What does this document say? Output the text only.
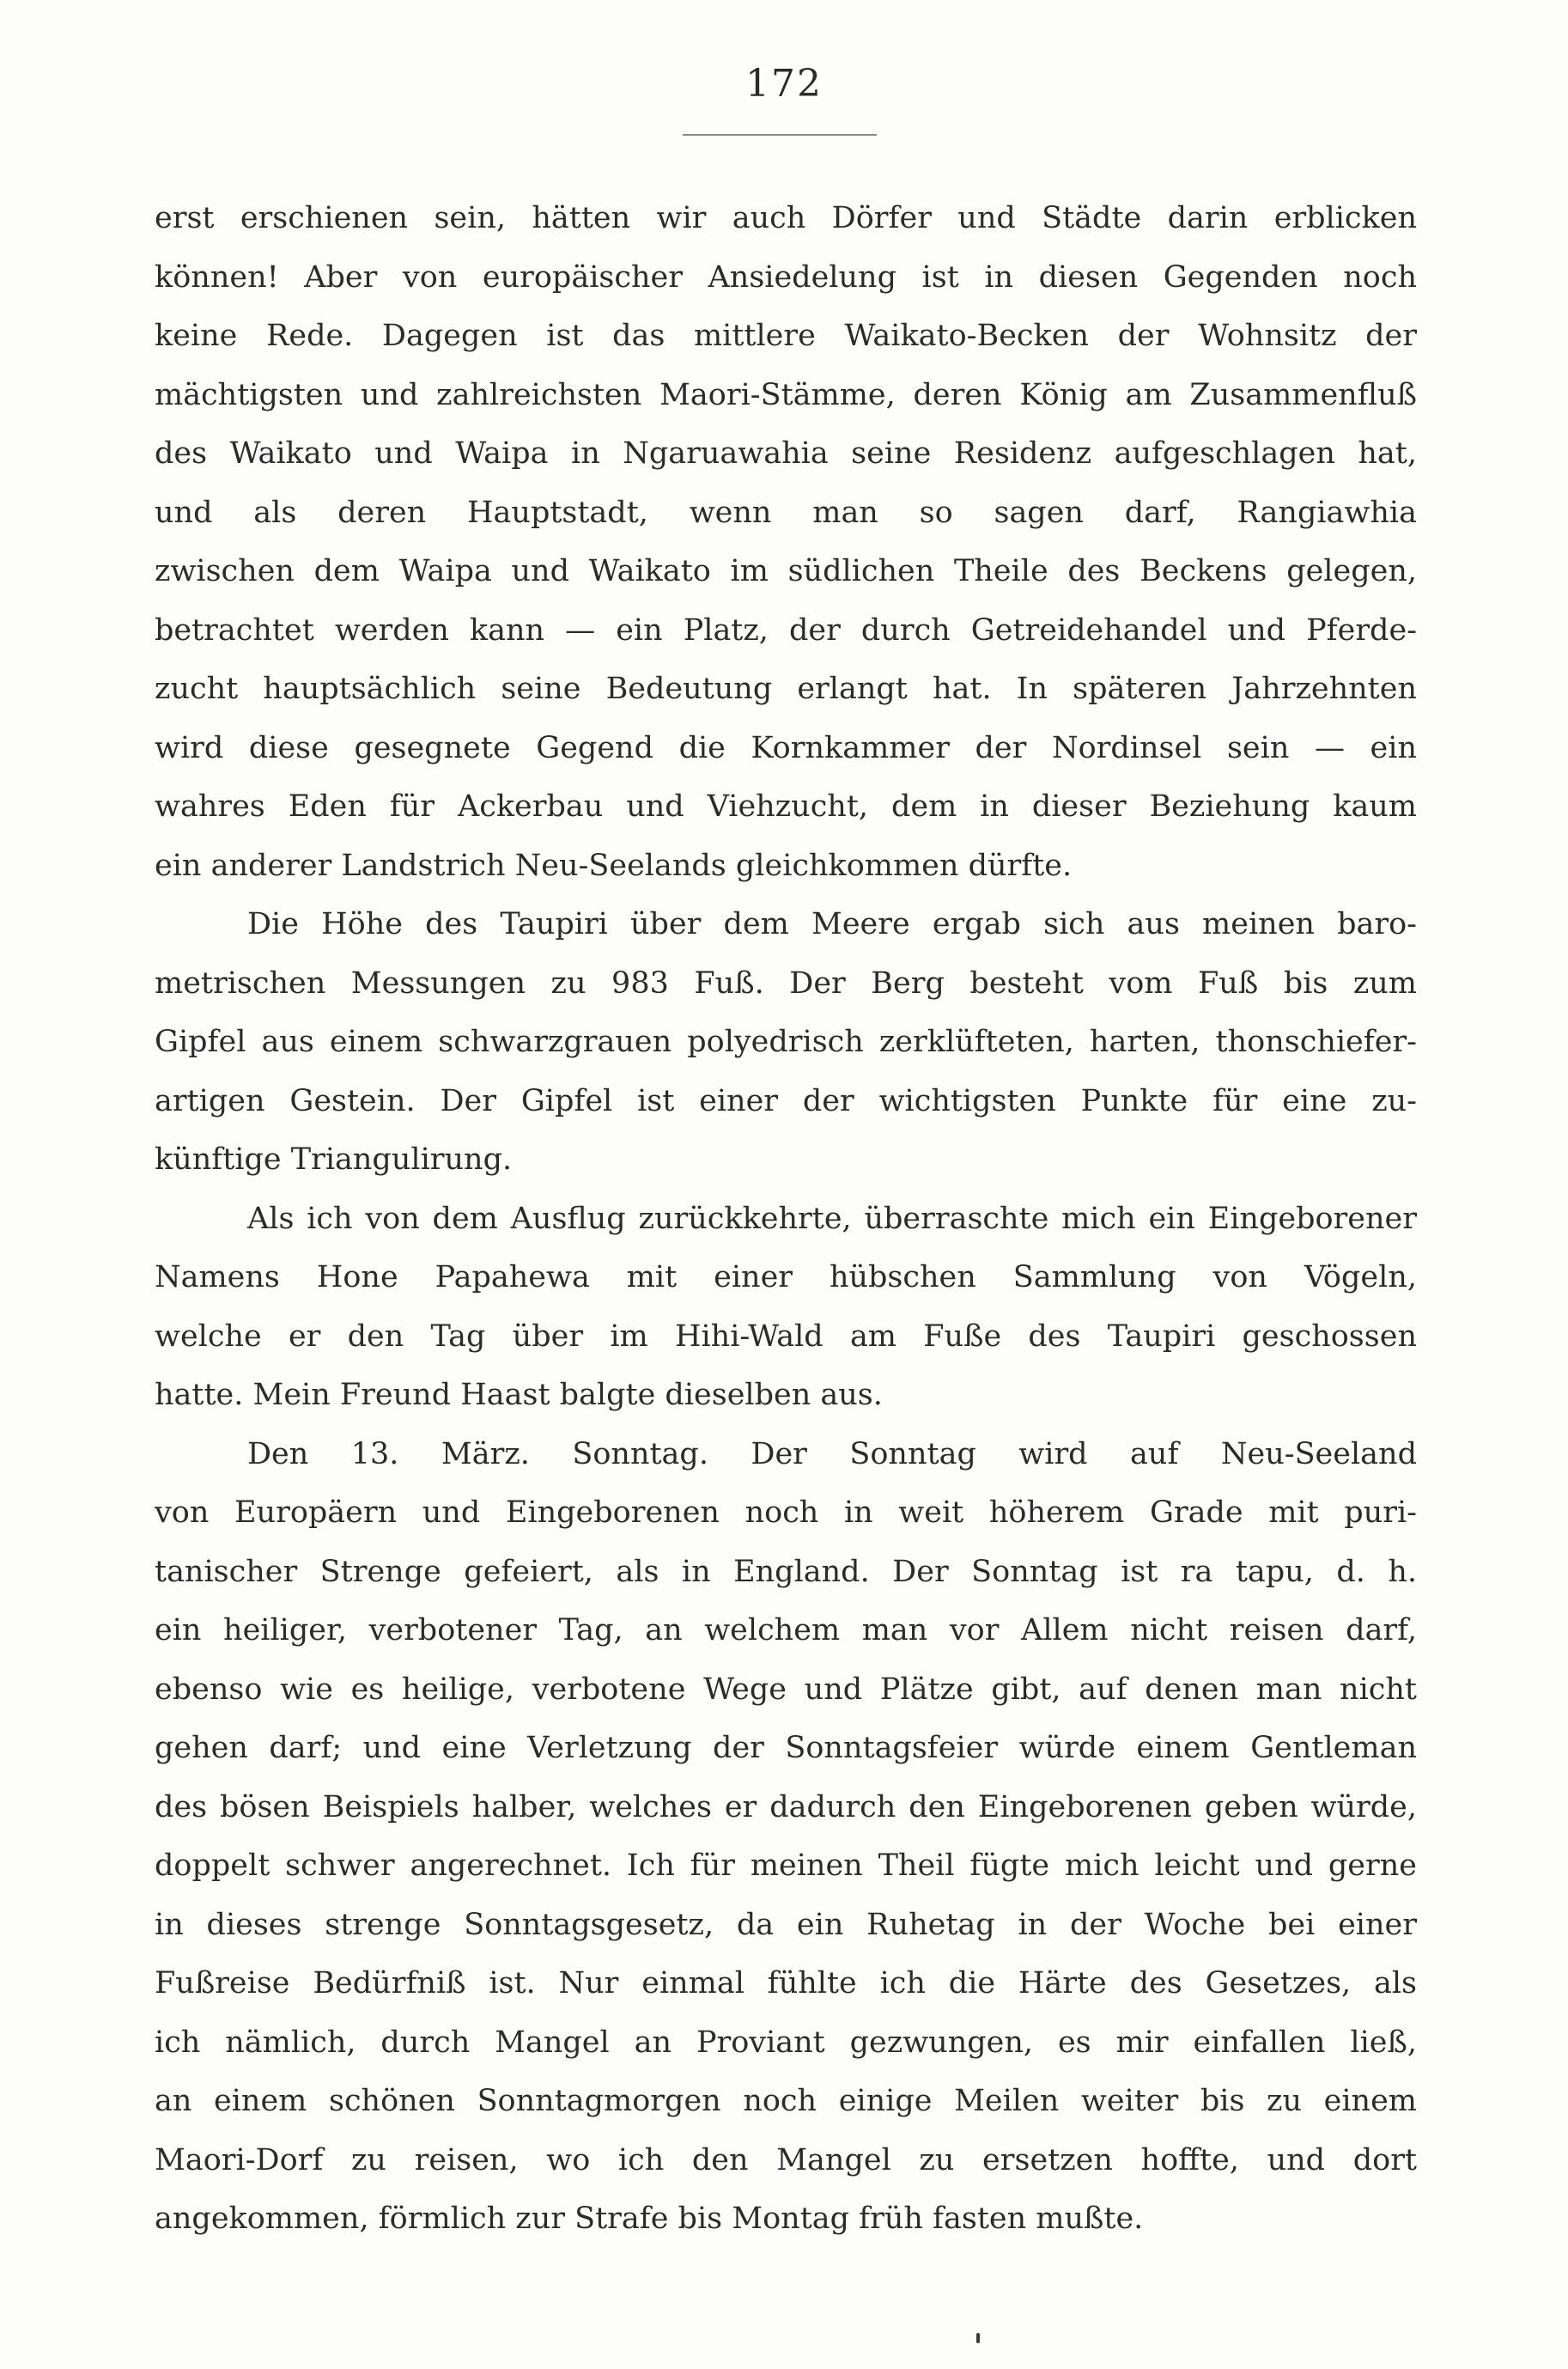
172
erst erschienen sein, hätten wir auch Dörfer und Städte darin erblicken
können! Aber von europäischer Ansiedelung ist in diesen Gegenden noch
keine Rede. Dagegen ist das mittlere Waikato-Becken der Wohnsitz der
mächtigsten und zahlreichsten Maori-Stämme, deren König am Zusammenfluß
des Waikato und Waipa in Ngaruawahia seine Residenz aufgeschlagen hat,
und als deren Hauptstadt, wenn man so sagen darf, Rangiawhia
zwischen dem Waipa und Waikato im südlichen Theile des Beckens gelegen,
betrachtet werden kann — ein Platz, der durch Getreidehandel und Pferde-
zucht hauptsächlich seine Bedeutung erlangt hat. In späteren Jahrzehnten
wird diese gesegnete Gegend die Kornkammer der Nordinsel sein — ein
wahres Eden für Ackerbau und Viehzucht, dem in dieser Beziehung kaum
ein anderer Landstrich Neu-Seelands gleichkommen dürfte.
Die Höhe des Taupiri über dem Meere ergab sich aus meinen baro-
metrischen Messungen zu 983 Fuß. Der Berg besteht vom Fuß bis zum
Gipfel aus einem schwarzgrauen polyedrisch zerklüfteten, harten, thonschiefer-
artigen Gestein. Der Gipfel ist einer der wichtigsten Punkte für eine zu-
künftige Triangulirung.
Als ich von dem Ausflug zurückkehrte, überraschte mich ein Eingeborener
Namens Hone Papahewa mit einer hübschen Sammlung von Vögeln,
welche er den Tag über im Hihi-Wald am Fuße des Taupiri geschossen
hatte. Mein Freund Haast balgte dieselben aus.
Den 13. März. Sonntag. Der Sonntag wird auf Neu-Seeland
von Europäern und Eingeborenen noch in weit höherem Grade mit puri-
tanischer Strenge gefeiert, als in England. Der Sonntag ist ra tapu, d. h.
ein heiliger, verbotener Tag, an welchem man vor Allem nicht reisen darf,
ebenso wie es heilige, verbotene Wege und Plätze gibt, auf denen man nicht
gehen darf; und eine Verletzung der Sonntagsfeier würde einem Gentleman
des bösen Beispiels halber, welches er dadurch den Eingeborenen geben würde,
doppelt schwer angerechnet. Ich für meinen Theil fügte mich leicht und gerne
in dieses strenge Sonntagsgesetz, da ein Ruhetag in der Woche bei einer
Fußreise Bedürfniß ist. Nur einmal fühlte ich die Härte des Gesetzes, als
ich nämlich, durch Mangel an Proviant gezwungen, es mir einfallen ließ,
an einem schönen Sonntagmorgen noch einige Meilen weiter bis zu einem
Maori-Dorf zu reisen, wo ich den Mangel zu ersetzen hoffte, und dort
angekommen, förmlich zur Strafe bis Montag früh fasten mußte.
